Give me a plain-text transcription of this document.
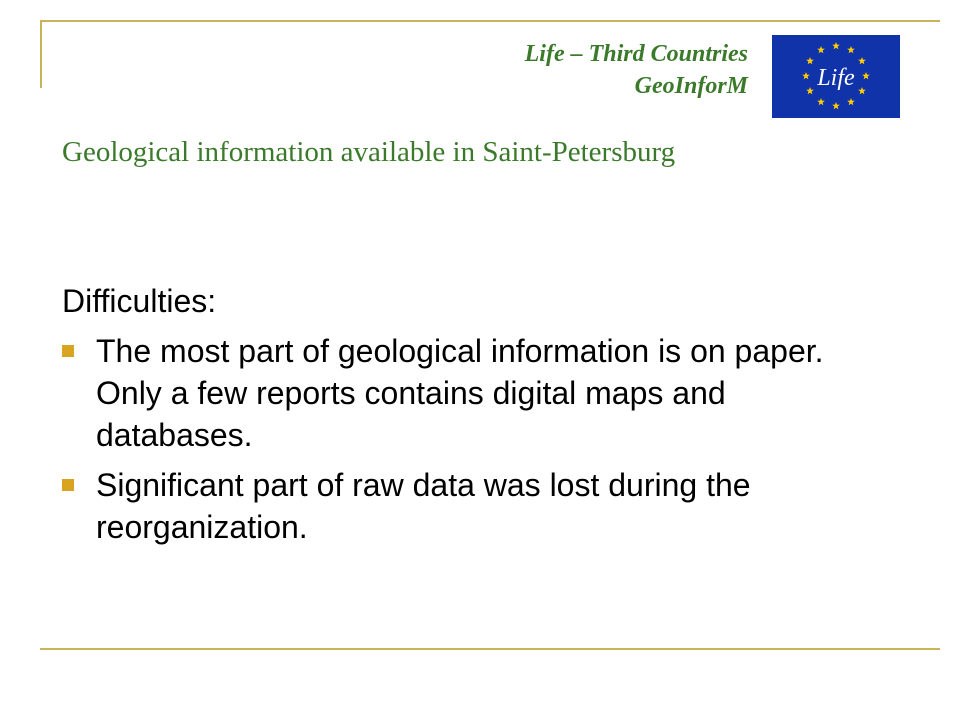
Life – Third Countries
GeoInforM	Life
Geological information available in Saint-Petersburg
Difficulties:
The most part of geological information is on paper. Only a few reports contains digital maps and databases.
Significant part of raw data was lost during the reorganization.
